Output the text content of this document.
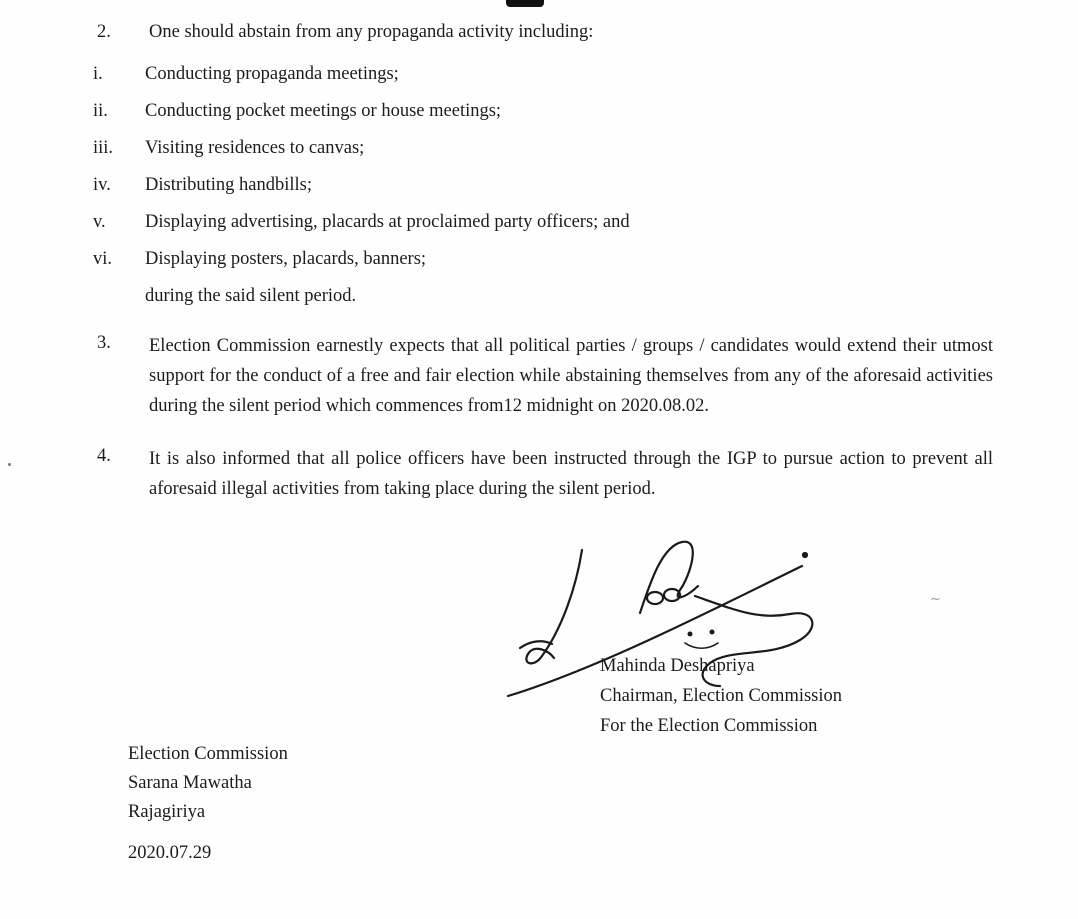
~
2.	One should abstain from any propaganda activity including:
i.	Conducting propaganda meetings;
ii.	Conducting pocket meetings or house meetings;
iii.	Visiting residences to canvas;
iv.	Distributing handbills;
v.	Displaying advertising, placards at proclaimed party officers; and
vi.	Displaying posters, placards, banners;
during the said silent period.
3.	Election Commission earnestly expects that all political parties / groups / candidates would extend their utmost support for the conduct of a free and fair election while abstaining themselves from any of the aforesaid activities during the silent period which commences from12 midnight on 2020.08.02.
4.	It is also informed that all police officers have been instructed through the IGP to pursue action to prevent all aforesaid illegal activities from taking place during the silent period.
Mahinda Deshapriya
Chairman, Election Commission
For the Election Commission
Election Commission
Sarana Mawatha
Rajagiriya
2020.07.29
